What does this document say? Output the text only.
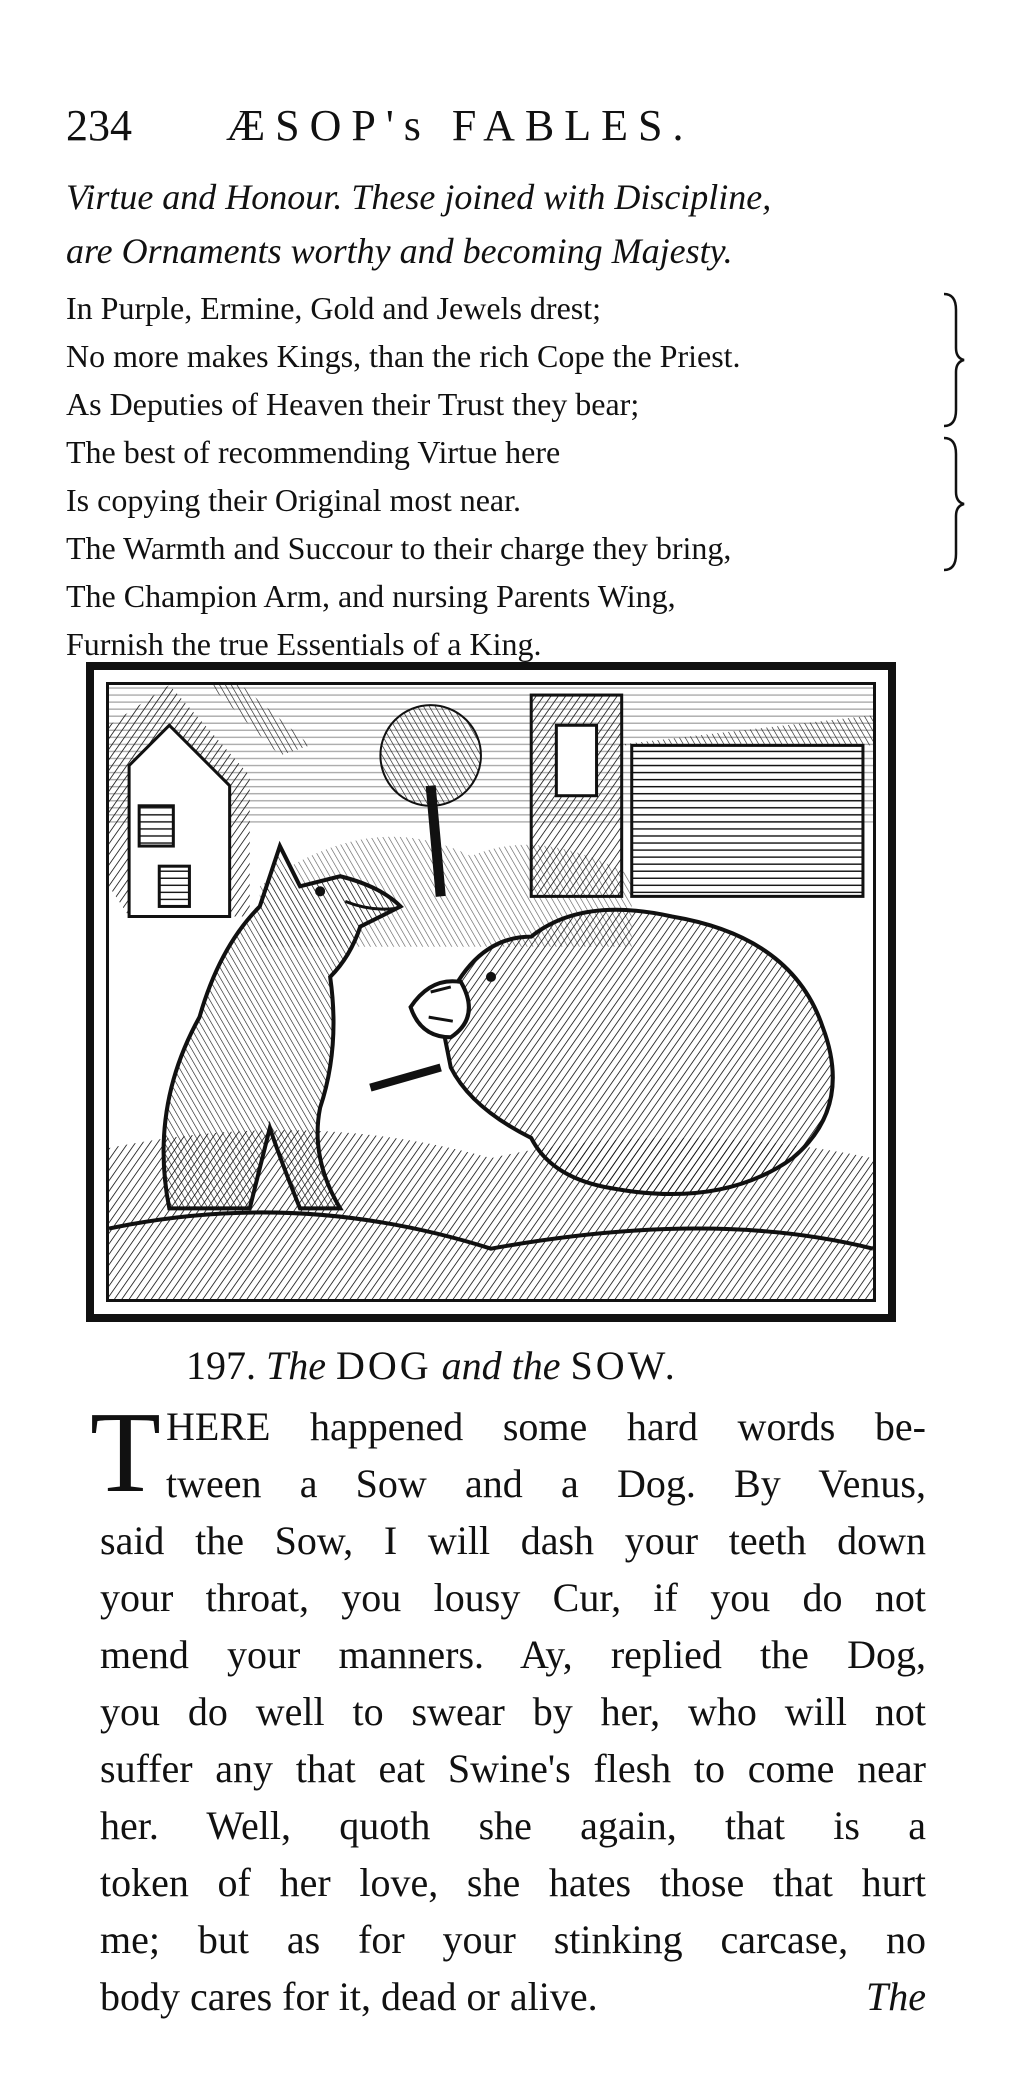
234 ÆSOP's FABLES.
Virtue and Honour. These joined with Discipline,
are Ornaments worthy and becoming Majesty.
In Purple, Ermine, Gold and Jewels drest;
No more makes Kings, than the rich Cope the Priest.
As Deputies of Heaven their Trust they bear;
The best of recommending Virtue here
Is copying their Original most near.
The Warmth and Succour to their charge they bring,
The Champion Arm, and nursing Parents Wing,
Furnish the true Essentials of a King.
197. The DOG and the SOW.
T HERE happened some hard words be-
tween a Sow and a Dog. By Venus,
said the Sow, I will dash your teeth down
your throat, you lousy Cur, if you do not
mend your manners. Ay, replied the Dog,
you do well to swear by her, who will not
suffer any that eat Swine's flesh to come near
her. Well, quoth she again, that is a
token of her love, she hates those that hurt
me; but as for your stinking carcase, no
body cares for it, dead or alive.	The
